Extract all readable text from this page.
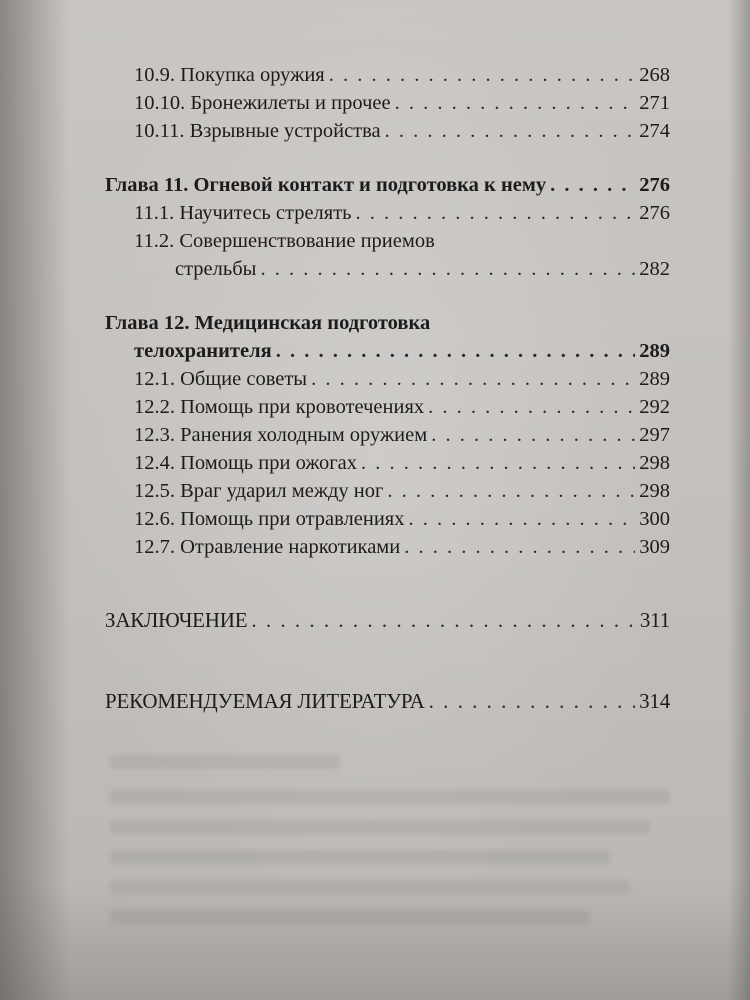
10.9. Покупка оружия . . .	268
10.10. Бронежилеты и прочее . . .	271
10.11. Взрывные устройства . . .	274
Глава 11. Огневой контакт и подготовка к нему . . .	276
11.1. Научитесь стрелять . . .	276
11.2. Совершенствование приемов
стрельбы . . .	282
Глава 12. Медицинская подготовка
телохранителя . . .	289
12.1. Общие советы . . .	289
12.2. Помощь при кровотечениях . . .	292
12.3. Ранения холодным оружием . . .	297
12.4. Помощь при ожогах . . .	298
12.5. Враг ударил между ног . . .	298
12.6. Помощь при отравлениях . . .	300
12.7. Отравление наркотиками . . .	309
ЗАКЛЮЧЕНИЕ . . .	311
РЕКОМЕНДУЕМАЯ ЛИТЕРАТУРА . . .	314
